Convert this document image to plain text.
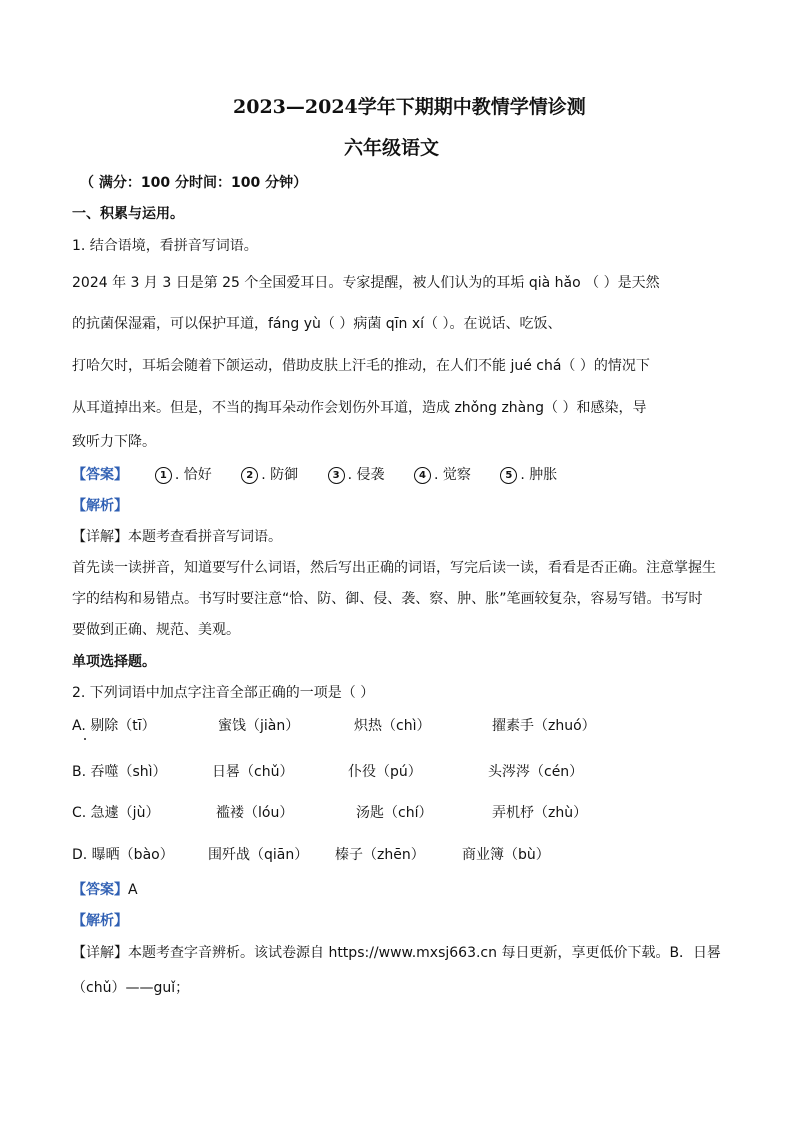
2023—2024学年下期期中教情学情诊测
六年级语文
（ 满分：100 分时间：100 分钟）
一、积累与运用。
1. 结合语境，看拼音写词语。
2024 年 3 月 3 日是第 25 个全国爱耳日。专家提醒，被人们认为的耳垢 qià hǎo （ ）是天然
的抗菌保湿霜，可以保护耳道，fáng yù（ ）病菌 qīn xí（ ）。在说话、吃饭、
打哈欠时，耳垢会随着下颌运动，借助皮肤上汗毛的推动，在人们不能 jué chá（ ）的情况下
从耳道掉出来。但是，不当的掏耳朵动作会划伤外耳道，造成 zhǒng zhàng（ ）和感染，导
致听力下降。
【答案】	1 . 恰好	2 . 防御	3 . 侵袭	4 . 觉察	5 . 肿胀
【解析】
【详解】本题考查看拼音写词语。
首先读一读拼音，知道要写什么词语，然后写出正确的词语，写完后读一读，看看是否正确。注意掌握生
字的结构和易错点。书写时要注意“恰、防、御、侵、袭、察、肿、胀”笔画较复杂，容易写错。书写时
要做到正确、规范、美观。
单项选择题。
2. 下列词语中加点字注音全部正确的一项是（ ）
A. 剔除（tī）	蜜饯（jiàn）	炽热（chì）	擢素手（zhuó）
B. 吞噬（shì）	日晷（chǔ）	仆役（pú）	头涔涔（cén）
C. 急遽（jù）	褴褛（lóu）	汤匙（chí）	弄机杼（zhù）
D. 曝晒（bào） 围歼战（qiān） 榛子（zhēn）	商业簿（bù）
【答案】A
【解析】
【详解】本题考查字音辨析。该试卷源自 https://www.mxsj663.cn 每日更新，享更低价下载。B．日晷
（chǔ）——guǐ；
